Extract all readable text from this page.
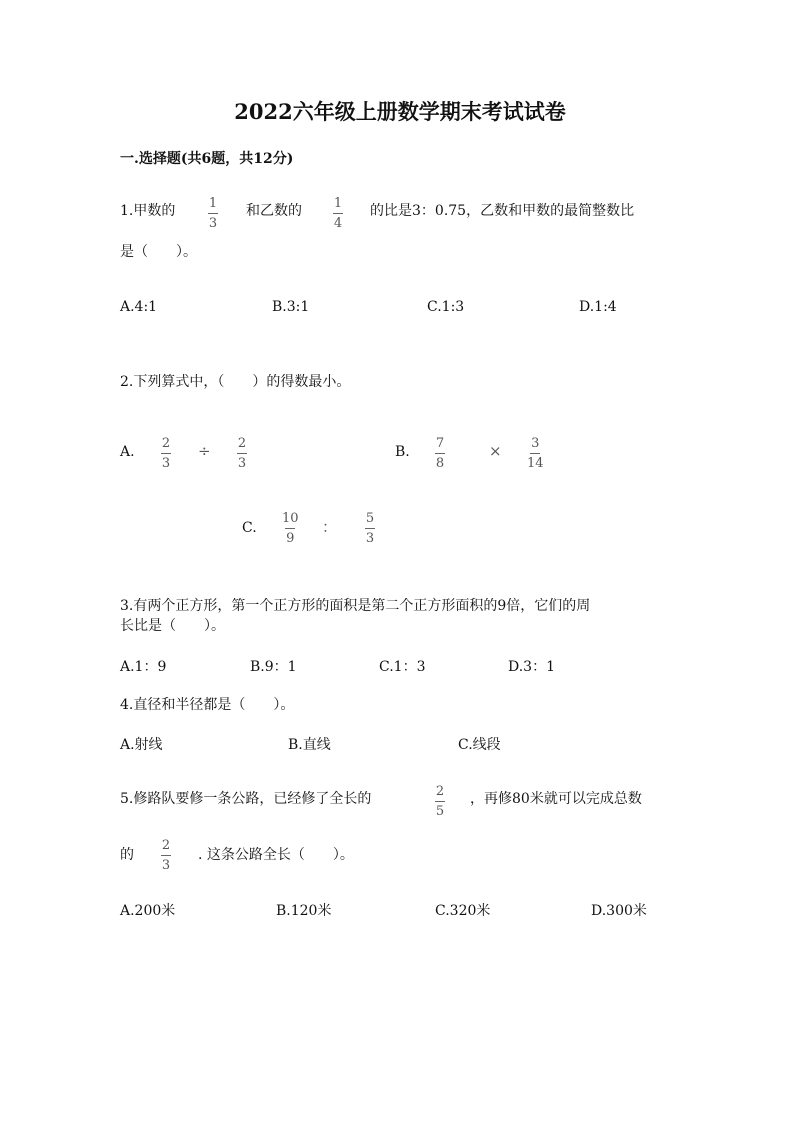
2022六年级上册数学期末考试试卷
一.选择题(共6题，共12分)
1.甲数的	1
3
和乙数的 1
4
的比是3：0.75，乙数和甲数的最简整数比
是（　　）。
A.4:1	B.3:1	C.1:3	D.1:4
2.下列算式中，（　　）的得数最小。
A.
2
3
÷ 2
3
B.
7
8
× 3
14
C.
10
9
： 5
3
3.有两个正方形，第一个正方形的面积是第二个正方形面积的9倍，它们的周
长比是（　　）。
A.1：9	B.9：1	C.1：3	D.3：1
4.直径和半径都是（　　）。
A.射线	B.直线	C.线段
5.修路队要修一条公路，已经修了全长的	2
5
，再修80米就可以完成总数
的
2
3
. 这条公路全长（　　）。
A.200米	B.120米	C.320米	D.300米
